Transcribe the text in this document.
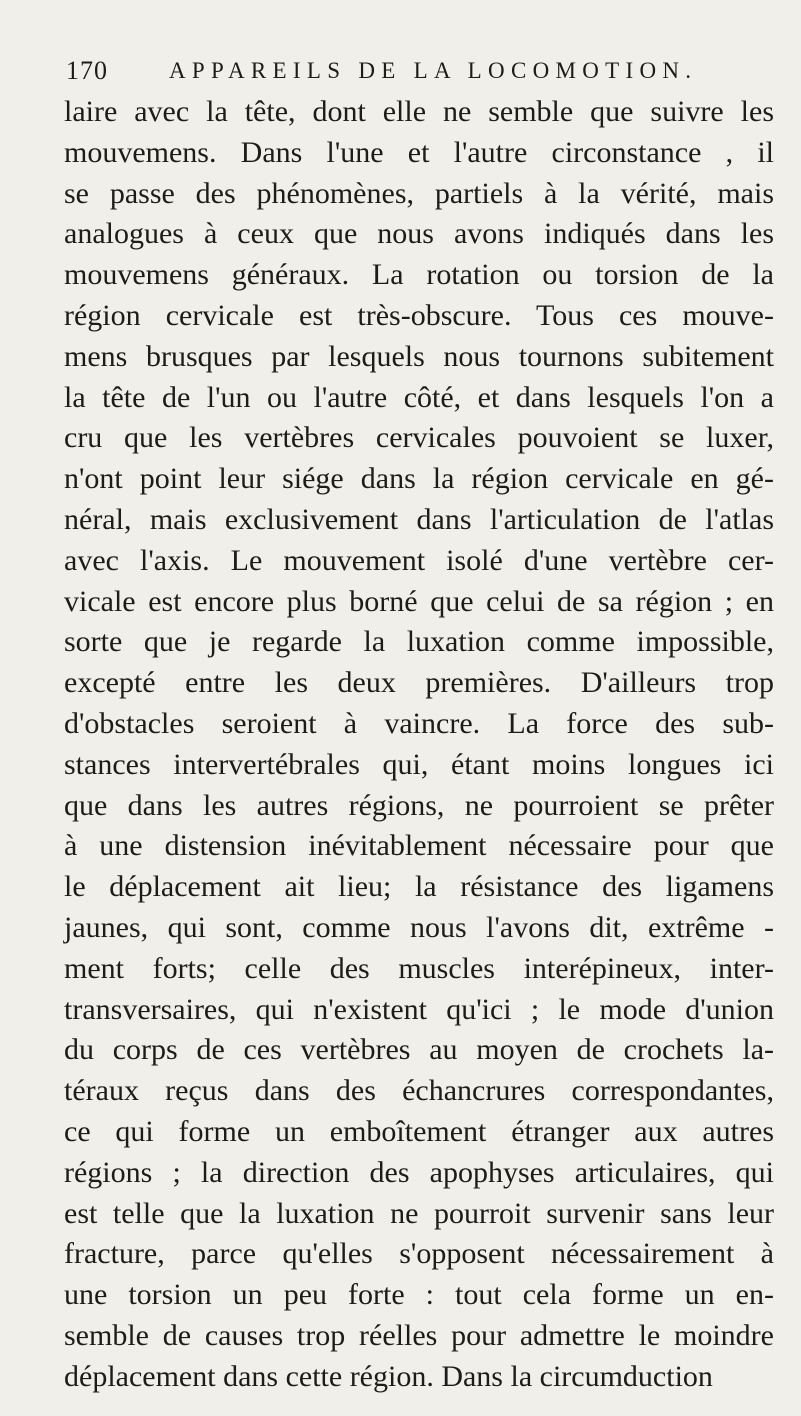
170	APPAREILS DE LA LOCOMOTION.
laire avec la tête, dont elle ne semble que suivre les
mouvemens. Dans l'une et l'autre circonstance , il
se passe des phénomènes, partiels à la vérité, mais
analogues à ceux que nous avons indiqués dans les
mouvemens généraux. La rotation ou torsion de la
région cervicale est très-obscure. Tous ces mouve-
mens brusques par lesquels nous tournons subitement
la tête de l'un ou l'autre côté, et dans lesquels l'on a
cru que les vertèbres cervicales pouvoient se luxer,
n'ont point leur siége dans la région cervicale en gé-
néral, mais exclusivement dans l'articulation de l'atlas
avec l'axis. Le mouvement isolé d'une vertèbre cer-
vicale est encore plus borné que celui de sa région ; en
sorte que je regarde la luxation comme impossible,
excepté entre les deux premières. D'ailleurs trop
d'obstacles seroient à vaincre. La force des sub-
stances intervertébrales qui, étant moins longues ici
que dans les autres régions, ne pourroient se prêter
à une distension inévitablement nécessaire pour que
le déplacement ait lieu; la résistance des ligamens
jaunes, qui sont, comme nous l'avons dit, extrême -
ment forts; celle des muscles interépineux, inter-
transversaires, qui n'existent qu'ici ; le mode d'union
du corps de ces vertèbres au moyen de crochets la-
téraux reçus dans des échancrures correspondantes,
ce qui forme un emboîtement étranger aux autres
régions ; la direction des apophyses articulaires, qui
est telle que la luxation ne pourroit survenir sans leur
fracture, parce qu'elles s'opposent nécessairement à
une torsion un peu forte : tout cela forme un en-
semble de causes trop réelles pour admettre le moindre
déplacement dans cette région. Dans la circumduction
